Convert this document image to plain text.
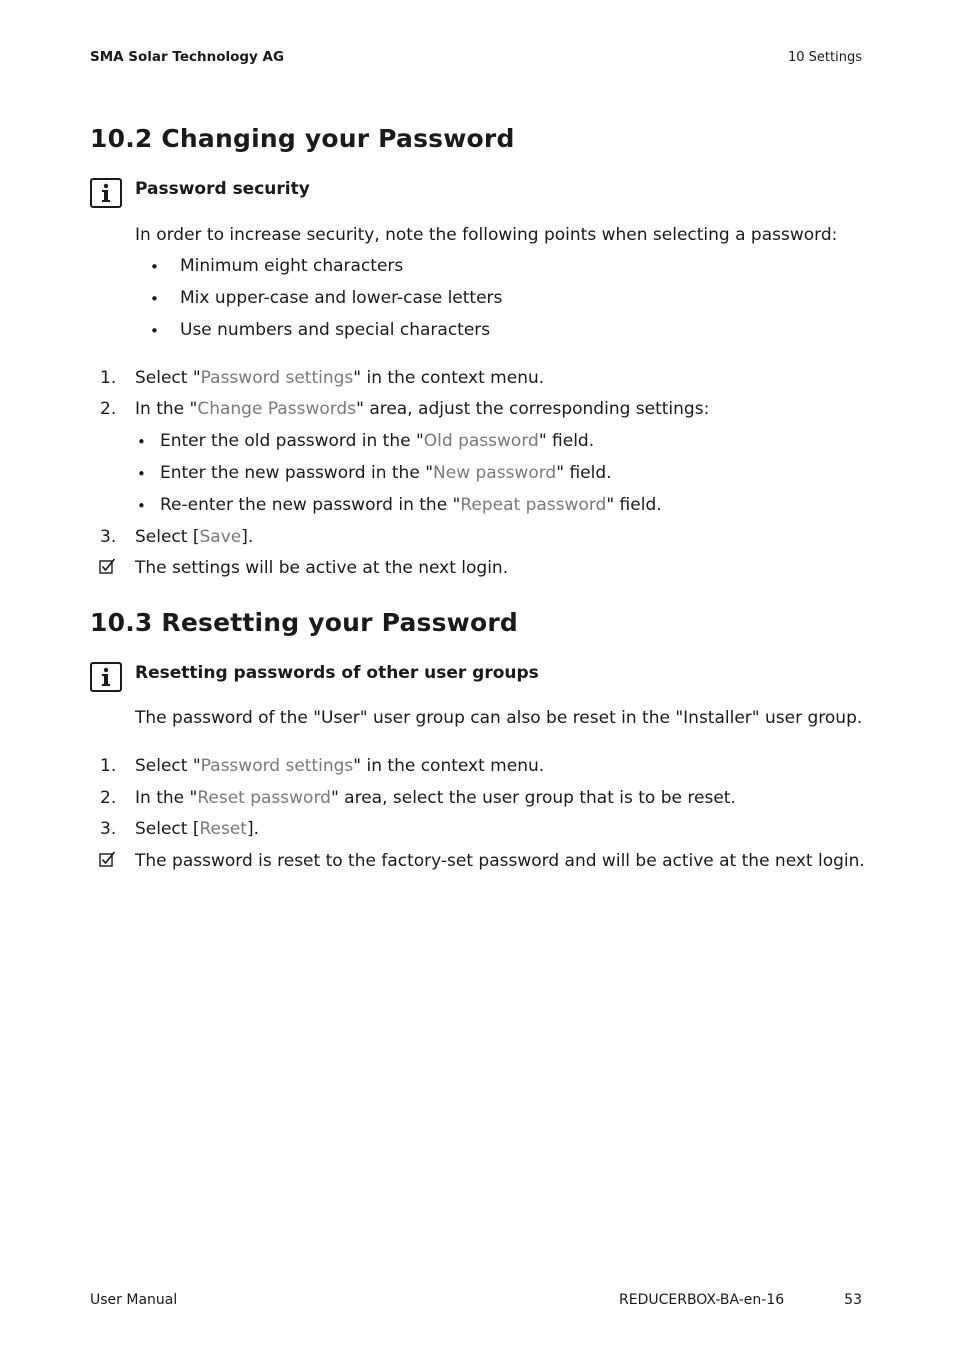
SMA Solar Technology AG	10 Settings
10.2 Changing your Password
Password security
In order to increase security, note the following points when selecting a password:
• Minimum eight characters
• Mix upper-case and lower-case letters
• Use numbers and special characters
1. Select "Password settings" in the context menu.
2. In the "Change Passwords" area, adjust the corresponding settings:
• Enter the old password in the "Old password" field.
• Enter the new password in the "New password" field.
• Re-enter the new password in the "Repeat password" field.
3. Select [Save].
The settings will be active at the next login.
10.3 Resetting your Password
Resetting passwords of other user groups
The password of the "User" user group can also be reset in the "Installer" user group.
1. Select "Password settings" in the context menu.
2. In the "Reset password" area, select the user group that is to be reset.
3. Select [Reset].
The password is reset to the factory-set password and will be active at the next login.
User Manual	REDUCERBOX-BA-en-16	53
